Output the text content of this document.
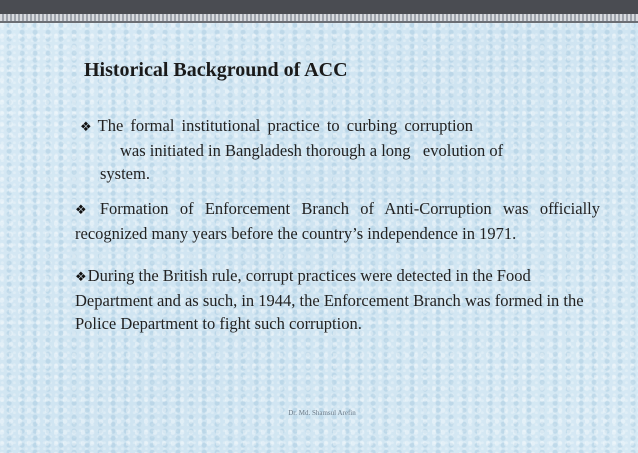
Historical Background of ACC
❖ The formal institutional practice to curbing corruption
was initiated in Bangladesh thorough a long   evolution of
system.
❖ Formation of Enforcement Branch of Anti-Corruption was officially recognized many years before the country’s independence in 1971.
❖During the British rule, corrupt practices were detected in the Food Department and as such, in 1944, the Enforcement Branch was formed in the Police Department to fight such corruption.
Dr. Md. Shamsul Arefin
